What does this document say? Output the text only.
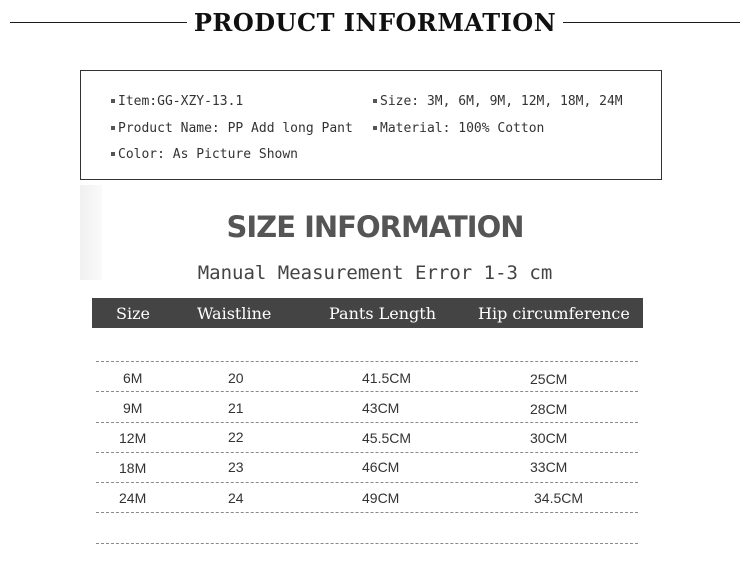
PRODUCT INFORMATION
Item:GG-XZY-13.1
Product Name: PP Add long Pant
Color: As Picture Shown
Size: 3M, 6M, 9M, 12M, 18M, 24M
Material: 100% Cotton
SIZE INFORMATION
Manual Measurement Error 1-3 cm
Size	Waistline	Pants Length	Hip circumference
6M	20	41.5CM	25CM
9M	21	43CM	28CM
12M	22	45.5CM	30CM
18M	23	46CM	33CM
24M	24	49CM	34.5CM
